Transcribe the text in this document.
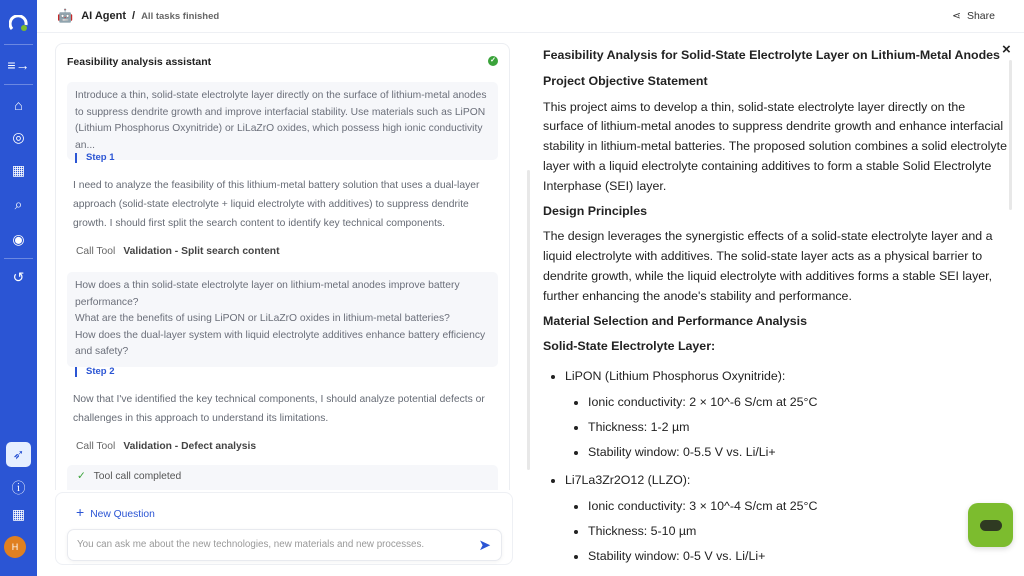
≡→
⌂
◎
▦
⌕
◉
↺
➶
ⓘ
▦
H
🤖 AI Agent / All tasks finished	⋖ Share
Feasibility analysis assistant	✓
Introduce a thin, solid-state electrolyte layer directly on the surface of lithium-metal anodes to suppress dendrite growth and improve interfacial stability. Use materials such as LiPON (Lithium Phosphorus Oxynitride) or LiLaZrO oxides, which possess high ionic conductivity an...
Step 1
I need to analyze the feasibility of this lithium-metal battery solution that uses a dual-layer approach (solid-state electrolyte + liquid electrolyte with additives) to suppress dendrite growth. I should first split the search content to identify key technical components.
Call Tool Validation - Split search content
How does a thin solid-state electrolyte layer on lithium-metal anodes improve battery performance?
What are the benefits of using LiPON or LiLaZrO oxides in lithium-metal batteries?
How does the dual-layer system with liquid electrolyte additives enhance battery efficiency and safety?
Step 2
Now that I've identified the key technical components, I should analyze potential defects or challenges in this approach to understand its limitations.
Call Tool Validation - Defect analysis
✓ Tool call completed
+ New Question
You can ask me about the new technologies, new materials and new processes.	➤
×
Feasibility Analysis for Solid-State Electrolyte Layer on Lithium-Metal Anodes
Project Objective Statement

This project aims to develop a thin, solid-state electrolyte layer directly on the surface of lithium-metal anodes to suppress dendrite growth and enhance interfacial stability in lithium-metal batteries. The proposed solution combines a solid electrolyte layer with a liquid electrolyte containing additives to form a stable Solid Electrolyte Interphase (SEI) layer.

Design Principles

The design leverages the synergistic effects of a solid-state electrolyte layer and a liquid electrolyte with additives. The solid-state layer acts as a physical barrier to dendrite growth, while the liquid electrolyte with additives forms a stable SEI layer, further enhancing the anode's stability and performance.

Material Selection and Performance Analysis
Solid-State Electrolyte Layer:
• LiPON (Lithium Phosphorus Oxynitride):
• Ionic conductivity: 2 × 10^-6 S/cm at 25°C
• Thickness: 1-2 µm
• Stability window: 0-5.5 V vs. Li/Li+
• Li7La3Zr2O12 (LLZO):
• Ionic conductivity: 3 × 10^-4 S/cm at 25°C
• Thickness: 5-10 µm
• Stability window: 0-5 V vs. Li/Li+
